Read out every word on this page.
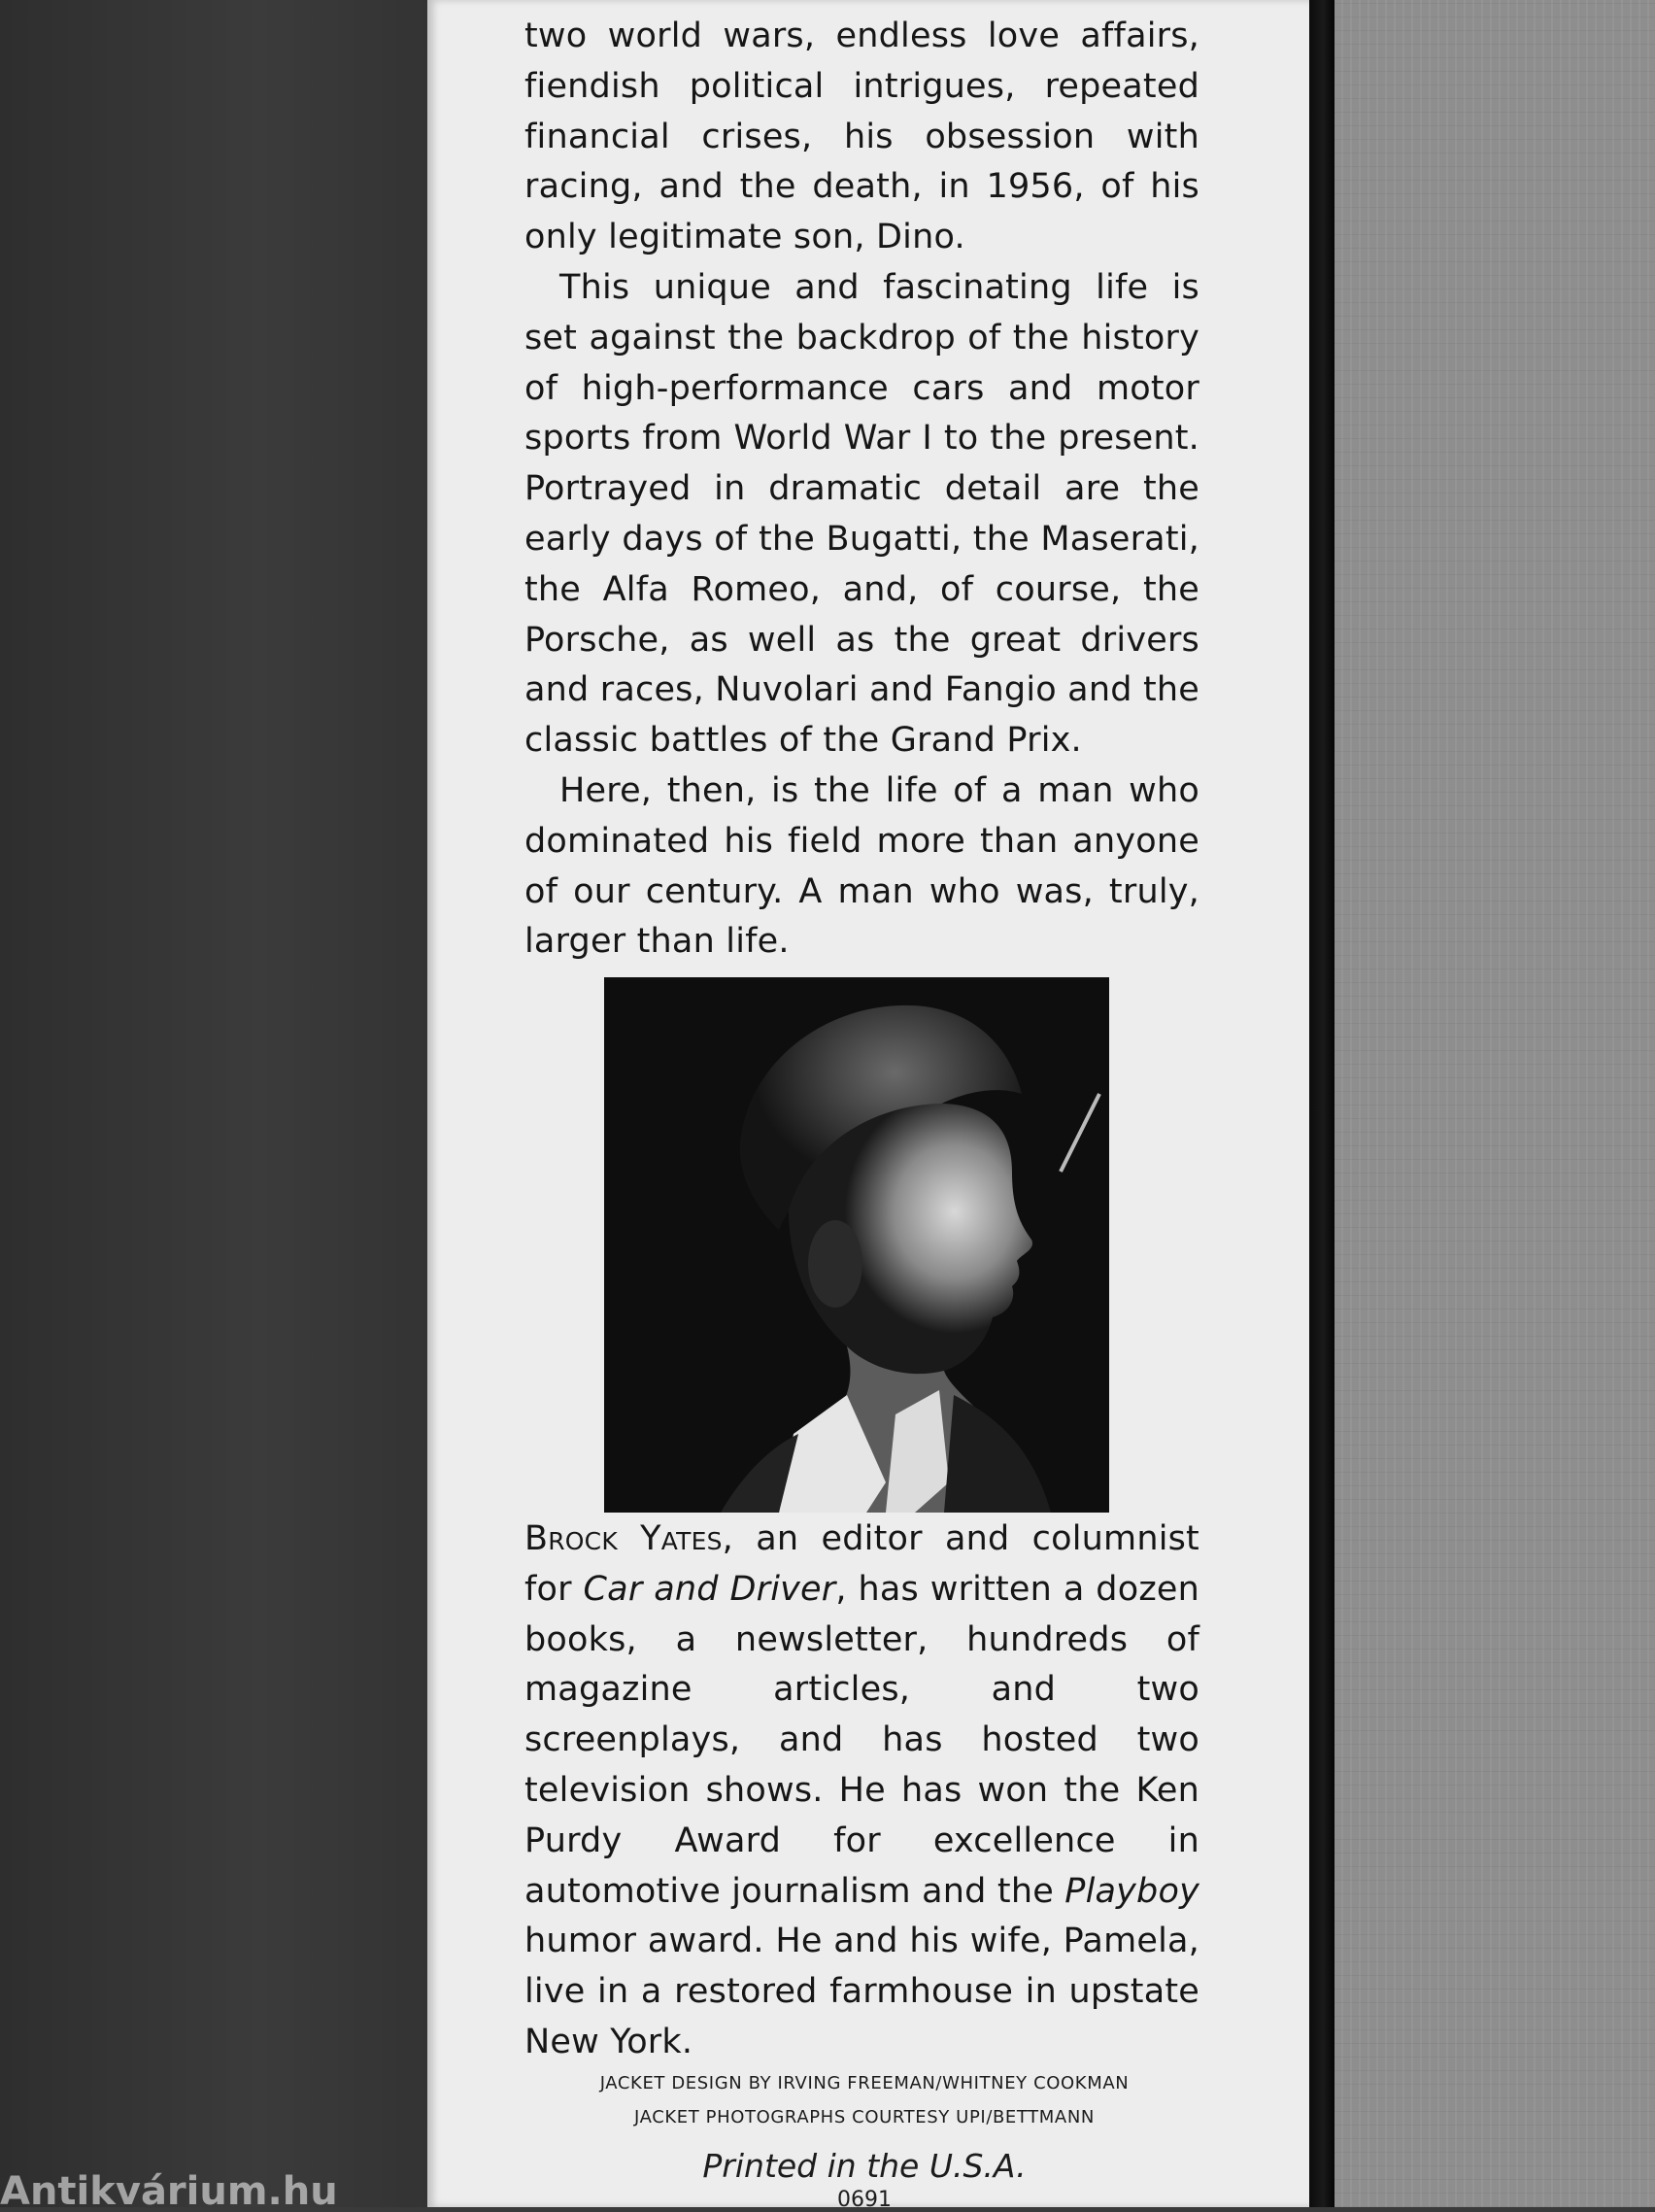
two world wars, endless love affairs, fiendish political intrigues, repeated financial crises, his obsession with racing, and the death, in 1956, of his only legitimate son, Dino.

This unique and fascinating life is set against the backdrop of the history of high-performance cars and motor sports from World War I to the present. Portrayed in dramatic detail are the early days of the Bugatti, the Maserati, the Alfa Romeo, and, of course, the Porsche, as well as the great drivers and races, Nuvolari and Fangio and the classic battles of the Grand Prix.

Here, then, is the life of a man who dominated his field more than anyone of our century. A man who was, truly, larger than life.

Brock Yates, an editor and columnist for Car and Driver, has written a dozen books, a newsletter, hundreds of magazine articles, and two screenplays, and has hosted two television shows. He has won the Ken Purdy Award for excellence in automotive journalism and the Playboy humor award. He and his wife, Pamela, live in a restored farmhouse in upstate New York.

JACKET DESIGN BY IRVING FREEMAN/WHITNEY COOKMAN
JACKET PHOTOGRAPHS COURTESY UPI/BETTMANN
Printed in the U.S.A.
0691
Antikvárium.hu
